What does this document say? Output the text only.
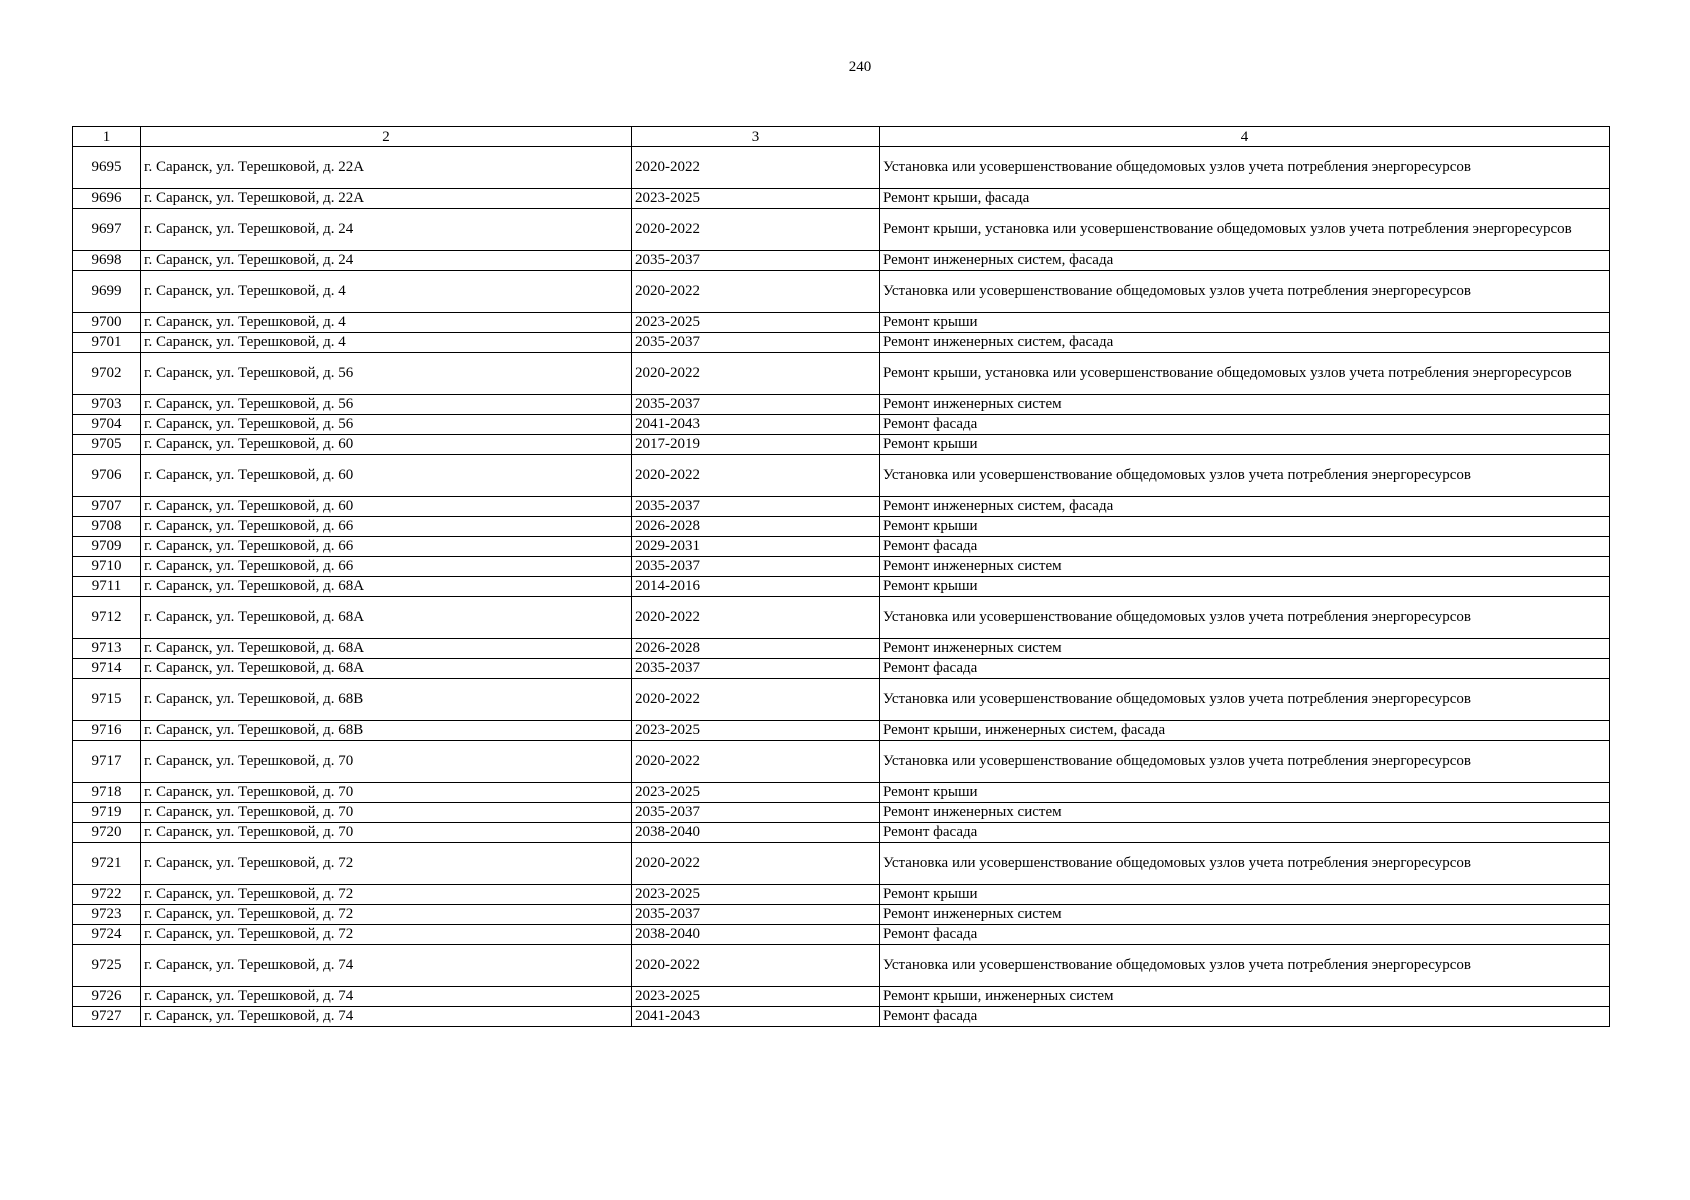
240
1	2	3	4
9695	г. Саранск, ул. Терешковой, д. 22А	2020-2022	Установка или усовершенствование общедомовых узлов учета потребления энергоресурсов
9696	г. Саранск, ул. Терешковой, д. 22А	2023-2025	Ремонт крыши, фасада
9697	г. Саранск, ул. Терешковой, д. 24	2020-2022	Ремонт крыши, установка или усовершенствование общедомовых узлов учета потребления энергоресурсов
9698	г. Саранск, ул. Терешковой, д. 24	2035-2037	Ремонт инженерных систем, фасада
9699	г. Саранск, ул. Терешковой, д. 4	2020-2022	Установка или усовершенствование общедомовых узлов учета потребления энергоресурсов
9700	г. Саранск, ул. Терешковой, д. 4	2023-2025	Ремонт крыши
9701	г. Саранск, ул. Терешковой, д. 4	2035-2037	Ремонт инженерных систем, фасада
9702	г. Саранск, ул. Терешковой, д. 56	2020-2022	Ремонт крыши, установка или усовершенствование общедомовых узлов учета потребления энергоресурсов
9703	г. Саранск, ул. Терешковой, д. 56	2035-2037	Ремонт инженерных систем
9704	г. Саранск, ул. Терешковой, д. 56	2041-2043	Ремонт фасада
9705	г. Саранск, ул. Терешковой, д. 60	2017-2019	Ремонт крыши
9706	г. Саранск, ул. Терешковой, д. 60	2020-2022	Установка или усовершенствование общедомовых узлов учета потребления энергоресурсов
9707	г. Саранск, ул. Терешковой, д. 60	2035-2037	Ремонт инженерных систем, фасада
9708	г. Саранск, ул. Терешковой, д. 66	2026-2028	Ремонт крыши
9709	г. Саранск, ул. Терешковой, д. 66	2029-2031	Ремонт фасада
9710	г. Саранск, ул. Терешковой, д. 66	2035-2037	Ремонт инженерных систем
9711	г. Саранск, ул. Терешковой, д. 68А	2014-2016	Ремонт крыши
9712	г. Саранск, ул. Терешковой, д. 68А	2020-2022	Установка или усовершенствование общедомовых узлов учета потребления энергоресурсов
9713	г. Саранск, ул. Терешковой, д. 68А	2026-2028	Ремонт инженерных систем
9714	г. Саранск, ул. Терешковой, д. 68А	2035-2037	Ремонт фасада
9715	г. Саранск, ул. Терешковой, д. 68В	2020-2022	Установка или усовершенствование общедомовых узлов учета потребления энергоресурсов
9716	г. Саранск, ул. Терешковой, д. 68В	2023-2025	Ремонт крыши, инженерных систем, фасада
9717	г. Саранск, ул. Терешковой, д. 70	2020-2022	Установка или усовершенствование общедомовых узлов учета потребления энергоресурсов
9718	г. Саранск, ул. Терешковой, д. 70	2023-2025	Ремонт крыши
9719	г. Саранск, ул. Терешковой, д. 70	2035-2037	Ремонт инженерных систем
9720	г. Саранск, ул. Терешковой, д. 70	2038-2040	Ремонт фасада
9721	г. Саранск, ул. Терешковой, д. 72	2020-2022	Установка или усовершенствование общедомовых узлов учета потребления энергоресурсов
9722	г. Саранск, ул. Терешковой, д. 72	2023-2025	Ремонт крыши
9723	г. Саранск, ул. Терешковой, д. 72	2035-2037	Ремонт инженерных систем
9724	г. Саранск, ул. Терешковой, д. 72	2038-2040	Ремонт фасада
9725	г. Саранск, ул. Терешковой, д. 74	2020-2022	Установка или усовершенствование общедомовых узлов учета потребления энергоресурсов
9726	г. Саранск, ул. Терешковой, д. 74	2023-2025	Ремонт крыши, инженерных систем
9727	г. Саранск, ул. Терешковой, д. 74	2041-2043	Ремонт фасада
